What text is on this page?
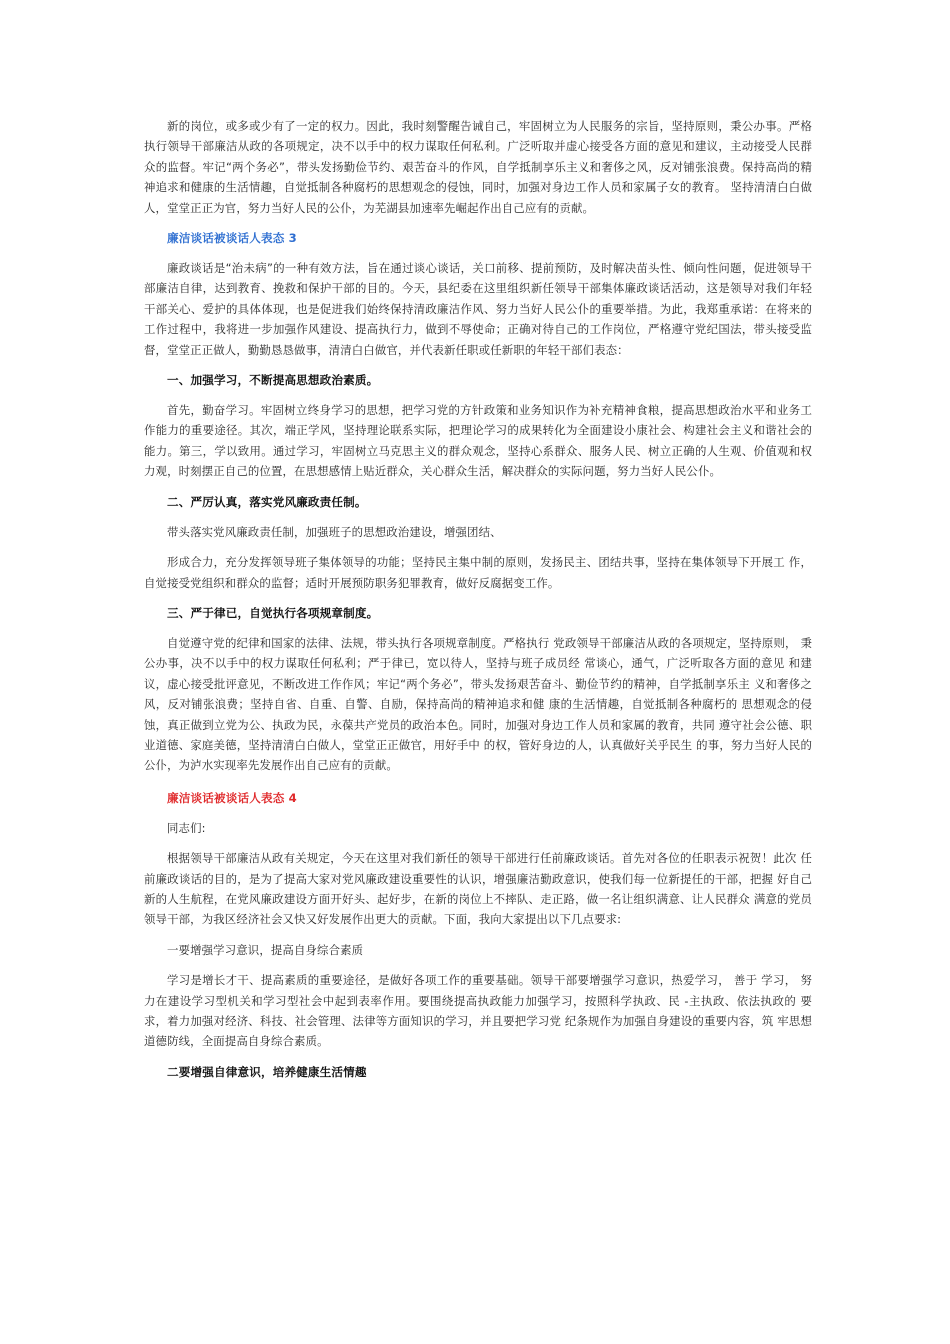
新的岗位，或多或少有了一定的权力。因此，我时刻警醒告诫自己，牢固树立为人民服务的宗旨，坚持原则，秉公办事。严格执行领导干部廉洁从政的各项规定，决不以手中的权力谋取任何私利。广泛听取并虚心接受各方面的意见和建议，主动接受人民群众的监督。牢记“两个务必”，带头发扬勤俭节约、艰苦奋斗的作风，自学抵制享乐主义和奢侈之风，反对铺张浪费。保持高尚的精神追求和健康的生活情趣，自觉抵制各种腐朽的思想观念的侵蚀，同时，加强对身边工作人员和家属子女的教育。 坚持清清白白做人，堂堂正正为官，努力当好人民的公仆，为芜湖县加速率先崛起作出自己应有的贡献。

廉洁谈话被谈话人表态 3

廉政谈话是“治未病”的一种有效方法，旨在通过谈心谈话，关口前移、提前预防，及时解决苗头性、倾向性问题，促进领导干部廉洁自律，达到教育、挽救和保护干部的目的。今天，县纪委在这里组织新任领导干部集体廉政谈话活动，这是领导对我们年轻干部关心、爱护的具体体现，也是促进我们始终保持清政廉洁作风、努力当好人民公仆的重要举措。为此，我郑重承诺：在将来的工作过程中，我将进一步加强作风建设、提高执行力，做到不辱使命；正确对待自己的工作岗位，严格遵守党纪国法，带头接受监督，堂堂正正做人，勤勤恳恳做事，清清白白做官，并代表新任职或任新职的年轻干部们表态：

一、加强学习，不断提高思想政治素质。

首先，勤奋学习。牢固树立终身学习的思想，把学习党的方针政策和业务知识作为补充精神食粮，提高思想政治水平和业务工作能力的重要途径。其次，端正学风，坚持理论联系实际，把理论学习的成果转化为全面建设小康社会、构建社会主义和谐社会的能力。第三，学以致用。通过学习，牢固树立马克思主义的群众观念，坚持心系群众、服务人民、树立正确的人生观、价值观和权力观，时刻摆正自己的位置，在思想感情上贴近群众，关心群众生活，解决群众的实际问题，努力当好人民公仆。

二、严厉认真，落实党风廉政责任制。

带头落实党风廉政责任制，加强班子的思想政治建设，增强团结、

形成合力，充分发挥领导班子集体领导的功能；坚持民主集中制的原则，发扬民主、团结共事，坚持在集体领导下开展工 作，自觉接受党组织和群众的监督；适时开展预防职务犯罪教育，做好反腐据变工作。

三、严于律已，自觉执行各项规章制度。

自觉遵守党的纪律和国家的法律、法规，带头执行各项规章制度。严格执行 党政领导干部廉洁从政的各项规定，坚持原则， 秉公办事，决不以手中的权力谋取任何私利；严于律已，宽以待人，坚持与班子成员经 常谈心，通气，广泛听取各方面的意见 和建议，虚心接受批评意见，不断改进工作作风；牢记“两个务必”，带头发扬艰苦奋斗、勤俭节约的精神，自学抵制享乐主 义和奢侈之风，反对铺张浪费；坚持自省、自重、自警、自励，保持高尚的精神追求和健 康的生活情趣，自觉抵制各种腐朽的 思想观念的侵蚀，真正做到立党为公、执政为民，永葆共产党员的政治本色。同时，加强对身边工作人员和家属的教育，共同 遵守社会公德、职业道德、家庭美德，坚持清清白白做人，堂堂正正做官，用好手中 的权，管好身边的人，认真做好关乎民生 的事，努力当好人民的公仆，为泸水实现率先发展作出自己应有的贡献。

廉洁谈话被谈话人表态 4

同志们:

根据领导干部廉洁从政有关规定，今天在这里对我们新任的领导干部进行任前廉政谈话。首先对各位的任职表示祝贺！此次 任前廉政谈话的目的，是为了提高大家对党风廉政建设重要性的认识，增强廉洁勤政意识，使我们每一位新提任的干部，把握 好自己新的人生航程，在党风廉政建设方面开好头、起好步，在新的岗位上不摔队、走正路，做一名让组织满意、让人民群众 满意的党员领导干部，为我区经济社会又快又好发展作出更大的贡献。下面，我向大家提出以下几点要求:

一要增强学习意识，提高自身综合素质

学习是增长才干、提高素质的重要途径，是做好各项工作的重要基础。领导干部要增强学习意识，热爱学习， 善于 学习， 努力在建设学习型机关和学习型社会中起到表率作用。要围绕提高执政能力加强学习，按照科学执政、民 -主执政、依法执政的 要求，着力加强对经济、科技、社会管理、法律等方面知识的学习，并且要把学习党 纪条规作为加强自身建设的重要内容，筑 牢思想道德防线，全面提高自身综合素质。

二要增强自律意识，培养健康生活情趣
